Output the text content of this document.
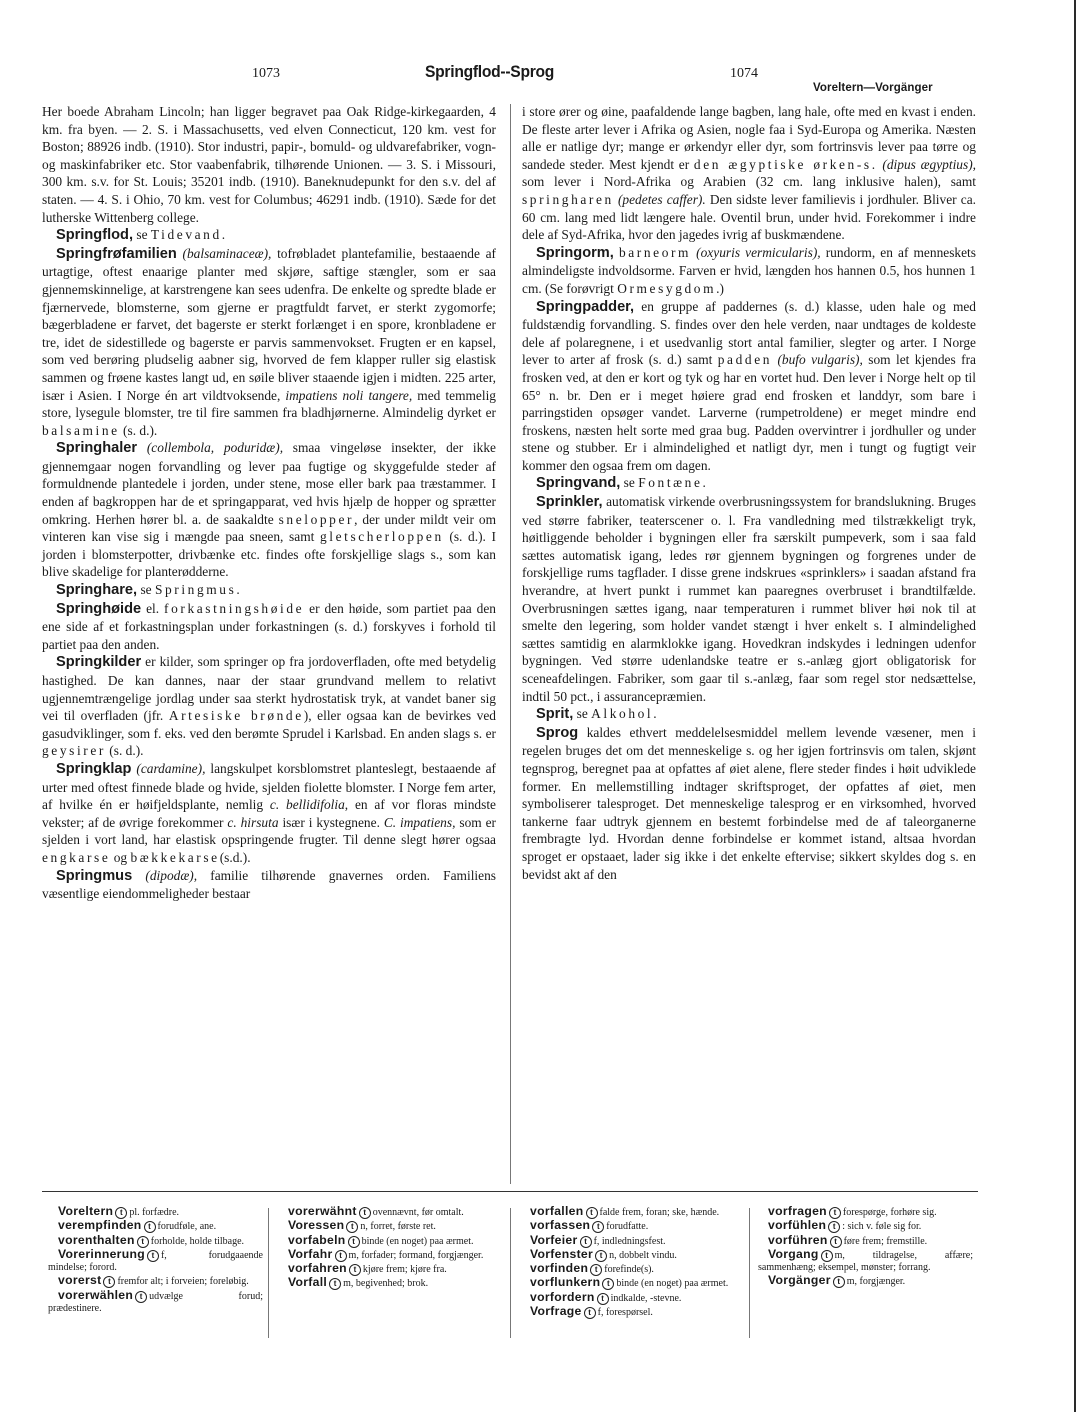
1073	Springflod--Sprog	1074
Voreltern—Vorgänger

Her boede Abraham Lincoln; han ligger begravet paa Oak Ridge-kirkegaarden, 4 km. fra byen. — 2. S. i Massachusetts, ved elven Connecticut, 120 km. vest for Boston; 88926 indb. (1910). Stor industri, papir-, bomuld- og uldvarefabriker, vogn- og maskinfabriker etc. Stor vaabenfabrik, tilhørende Unionen. — 3. S. i Missouri, 300 km. s.v. for St. Louis; 35201 indb. (1910). Baneknudepunkt for den s.v. del af staten. — 4. S. i Ohio, 70 km. vest for Columbus; 46291 indb. (1910). Sæde for det lutherske Wittenberg college.

Springflod, se Tidevand.

Springfrøfamilien (balsaminaceæ), tofrøbladet plantefamilie, bestaaende af urtagtige, oftest enaarige planter med skjøre, saftige stængler, som er saa gjennemskinnelige, at karstrengene kan sees udenfra. De enkelte og spredte blade er fjærnervede, blomsterne, som gjerne er pragtfuldt farvet, er sterkt zygomorfe; bægerbladene er farvet, det bagerste er sterkt forlænget i en spore, kronbladene er tre, idet de sidestillede og bagerste er parvis sammenvokset. Frugten er en kapsel, som ved berøring pludselig aabner sig, hvorved de fem klapper ruller sig elastisk sammen og frøene kastes langt ud, en søile bliver staaende igjen i midten. 225 arter, især i Asien. I Norge én art vildtvoksende, impatiens noli tangere, med temmelig store, lysegule blomster, tre til fire sammen fra bladhjørnerne. Almindelig dyrket er balsamine (s. d.).

Springhaler (collembola, poduridæ), smaa vingeløse insekter, der ikke gjennemgaar nogen forvandling og lever paa fugtige og skyggefulde steder af formuldnende plantedele i jorden, under stene, mose eller bark paa træstammer. I enden af bagkroppen har de et springapparat, ved hvis hjælp de hopper og sprætter omkring. Herhen hører bl. a. de saakaldte snelopper, der under mildt veir om vinteren kan vise sig i mængde paa sneen, samt gletscherloppen (s. d.). I jorden i blomsterpotter, drivbænke etc. findes ofte forskjellige slags s., som kan blive skadelige for planterødderne.

Springhare, se Springmus.

Springhøide el. forkastningshøide er den høide, som partiet paa den ene side af et forkastningsplan under forkastningen (s. d.) forskyves i forhold til partiet paa den anden.

Springkilder er kilder, som springer op fra jordoverfladen, ofte med betydelig hastighed. De kan dannes, naar der staar grundvand mellem to relativt ugjennemtrængelige jordlag under saa sterkt hydrostatisk tryk, at vandet baner sig vei til overfladen (jfr. Artesiske brønde), eller ogsaa kan de bevirkes ved gasudviklinger, som f. eks. ved den berømte Sprudel i Karlsbad. En anden slags s. er geysirer (s. d.).

Springklap (cardamine), langskulpet korsblomstret planteslegt, bestaaende af urter med oftest finnede blade og hvide, sjelden fiolette blomster. I Norge fem arter, af hvilke én er høifjeldsplante, nemlig c. bellidifolia, en af vor floras mindste vekster; af de øvrige forekommer c. hirsuta især i kystegnene. C. impatiens, som er sjelden i vort land, har elastisk opspringende frugter. Til denne slegt hører ogsaa engkarse og bækkekarse(s.d.).

Springmus (dipodæ), familie tilhørende gnavernes orden. Familiens væsentlige eiendommeligheder bestaar

i store ører og øine, paafaldende lange bagben, lang hale, ofte med en kvast i enden. De fleste arter lever i Afrika og Asien, nogle faa i Syd-Europa og Amerika. Næsten alle er natlige dyr; mange er ørkendyr eller dyr, som fortrinsvis lever paa tørre og sandede steder. Mest kjendt er den ægyptiske ørken-s. (dipus ægyptius), som lever i Nord-Afrika og Arabien (32 cm. lang inklusive halen), samt springharen (pedetes caffer). Den sidste lever familievis i jordhuler. Bliver ca. 60 cm. lang med lidt længere hale. Oventil brun, under hvid. Forekommer i indre dele af Syd-Afrika, hvor den jagedes ivrig af buskmændene.

Springorm, barneorm (oxyuris vermicularis), rundorm, en af menneskets almindeligste indvoldsorme. Farven er hvid, længden hos hannen 0.5, hos hunnen 1 cm. (Se forøvrigt Ormesygdom.)

Springpadder, en gruppe af paddernes (s. d.) klasse, uden hale og med fuldstændig forvandling. S. findes over den hele verden, naar undtages de koldeste dele af polaregnene, i et usedvanlig stort antal familier, slegter og arter. I Norge lever to arter af frosk (s. d.) samt padden (bufo vulgaris), som let kjendes fra frosken ved, at den er kort og tyk og har en vortet hud. Den lever i Norge helt op til 65° n. br. Den er i meget høiere grad end frosken et landdyr, som bare i parringstiden opsøger vandet. Larverne (rumpetroldene) er meget mindre end froskens, næsten helt sorte med graa bug. Padden overvintrer i jordhuller og under stene og stubber. Er i almindelighed et natligt dyr, men i tungt og fugtigt veir kommer den ogsaa frem om dagen.

Springvand, se Fontæne.

Sprinkler, automatisk virkende overbrusningssystem for brandslukning. Bruges ved større fabriker, teaterscener o. l. Fra vandledning med tilstrækkeligt tryk, høitliggende beholder i bygningen eller fra særskilt pumpeverk, som i saa fald sættes automatisk igang, ledes rør gjennem bygningen og forgrenes under de forskjellige rums tagflader. I disse grene indskrues «sprinklers» i saadan afstand fra hverandre, at hvert punkt i rummet kan paaregnes overbruset i brandtilfælde. Overbrusningen sættes igang, naar temperaturen i rummet bliver høi nok til at smelte den legering, som holder vandet stængt i hver enkelt s. I almindelighed sættes samtidig en alarmklokke igang. Hovedkran indskydes i ledningen udenfor bygningen. Ved større udenlandske teatre er s.-anlæg gjort obligatorisk for sceneafdelingen. Fabriker, som gaar til s.-anlæg, faar som regel stor nedsættelse, indtil 50 pct., i assurancepræmien.

Sprit, se Alkohol.

Sprog kaldes ethvert meddelelsesmiddel mellem levende væsener, men i regelen bruges det om det menneskelige s. og her igjen fortrinsvis om talen, skjønt tegnsprog, beregnet paa at opfattes af øiet alene, flere steder findes i høit udviklede former. En mellemstilling indtager skriftsproget, der opfattes af øiet, men symboliserer talesproget. Det menneskelige talesprog er en virksomhed, hvorved tankerne faar udtryk gjennem en bestemt forbindelse med de af taleorganerne frembragte lyd. Hvordan denne forbindelse er kommet istand, altsaa hvordan sproget er opstaaet, lader sig ikke i det enkelte eftervise; sikkert skyldes dog s. en bevidst akt af den

Voreltern t pl. forfædre.

verempfinden t forudføle, ane.

vorenthalten t forholde, holde tilbage.

Vorerinnerung t f, forudgaaende mindelse; forord.

vorerst t fremfor alt; i forveien; foreløbig.

vorerwählen t udvælge forud; prædestinere.

vorerwähnt t ovennævnt, før omtalt.

Voressen t n, forret, første ret.

vorfabeln t binde (en noget) paa ærmet.

Vorfahr t m, forfader; formand, forgjænger.

vorfahren t kjøre frem; kjøre fra.

Vorfall t m, begivenhed; brok.

vorfallen t falde frem, foran; ske, hænde.

vorfassen t forudfatte.

Vorfeier t f, indledningsfest.

Vorfenster t n, dobbelt vindu.

vorfinden t forefinde(s).

vorflunkern t binde (en noget) paa ærmet.

vorfordern t indkalde, -stevne.

Vorfrage t f, forespørsel.

vorfragen t forespørge, forhøre sig.

vorfühlen t : sich v. føle sig for.

vorführen t føre frem; fremstille.

Vorgang t m, tildragelse, affære; sammenhæng; eksempel, mønster; forrang.

Vorgänger t m, forgjænger.
